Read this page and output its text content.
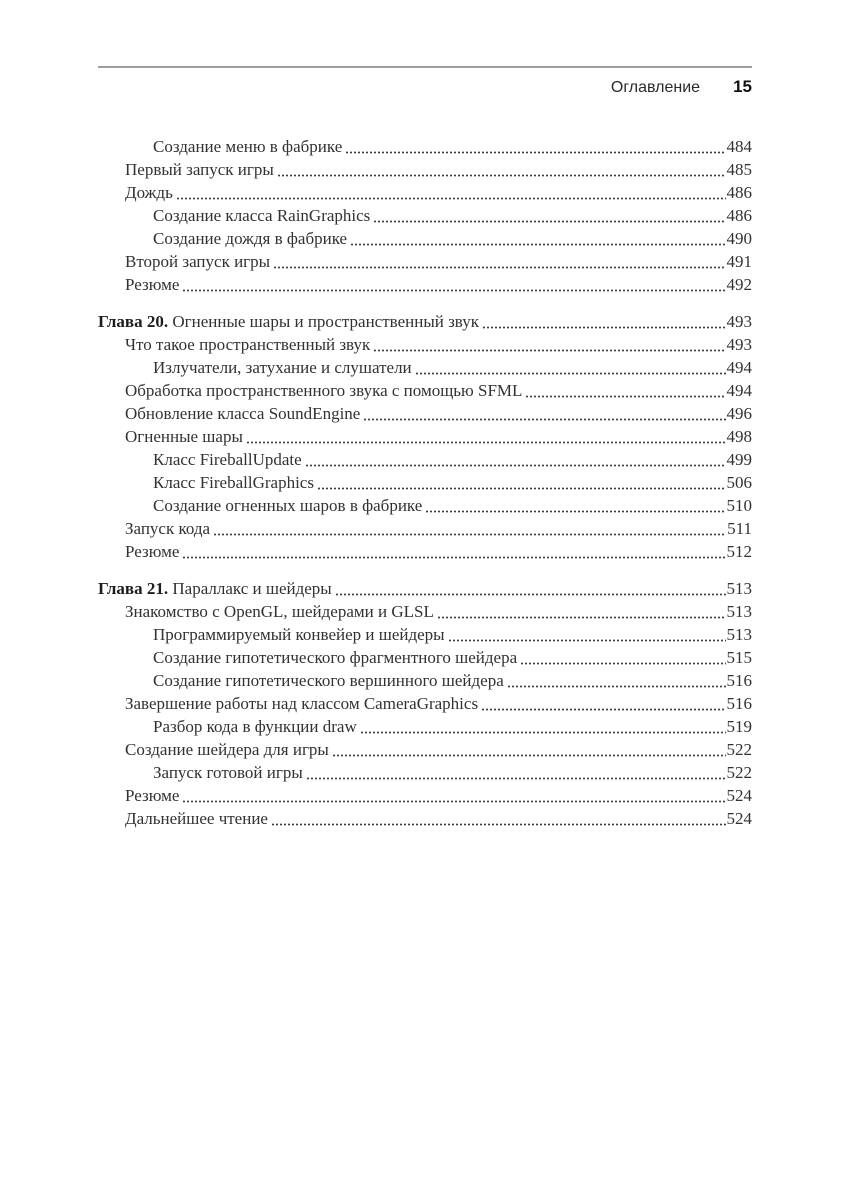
Оглавление 15
Создание меню в фабрике	484
Первый запуск игры	485
Дождь	486
Создание класса RainGraphics	486
Создание дождя в фабрике	490
Второй запуск игры	491
Резюме	492
Глава 20. Огненные шары и пространственный звук	493
Что такое пространственный звук	493
Излучатели, затухание и слушатели	494
Обработка пространственного звука с помощью SFML	494
Обновление класса SoundEngine	496
Огненные шары	498
Класс FireballUpdate	499
Класс FireballGraphics	506
Создание огненных шаров в фабрике	510
Запуск кода	511
Резюме	512
Глава 21. Параллакс и шейдеры	513
Знакомство с OpenGL, шейдерами и GLSL	513
Программируемый конвейер и шейдеры	513
Создание гипотетического фрагментного шейдера	515
Создание гипотетического вершинного шейдера	516
Завершение работы над классом CameraGraphics	516
Разбор кода в функции draw	519
Создание шейдера для игры	522
Запуск готовой игры	522
Резюме	524
Дальнейшее чтение	524
